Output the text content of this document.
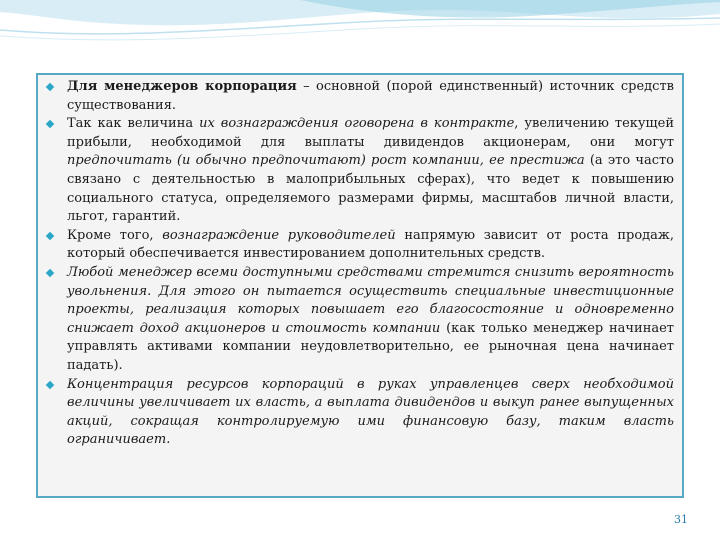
Для менеджеров корпорация – основной (порой единственный) источник средств существования.
Так как величина их вознаграждения оговорена в контракте, увеличению текущей прибыли, необходимой для выплаты дивидендов акционерам, они могут предпочитать (и обычно предпочитают) рост компании, ее престижа (а это часто связано с деятельностью в малоприбыльных сферах), что ведет к повышению социального статуса, определяемого размерами фирмы, масштабов личной власти, льгот, гарантий.
Кроме того, вознаграждение руководителей напрямую зависит от роста продаж, который обеспечивается инвестированием дополнительных средств.
Любой менеджер всеми доступными средствами стремится снизить вероятность увольнения. Для этого он пытается осуществить специальные инвестиционные проекты, реализация которых повышает его благосостояние и одновременно снижает доход акционеров и стоимость компании (как только менеджер начинает управлять активами компании неудовлетворительно, ее рыночная цена начинает падать).
Концентрация ресурсов корпораций в руках управленцев сверх необходимой величины увеличивает их власть, а выплата дивидендов и выкуп ранее выпущенных акций, сокращая контролируемую ими финансовую базу, таким власть ограничивает.
31
